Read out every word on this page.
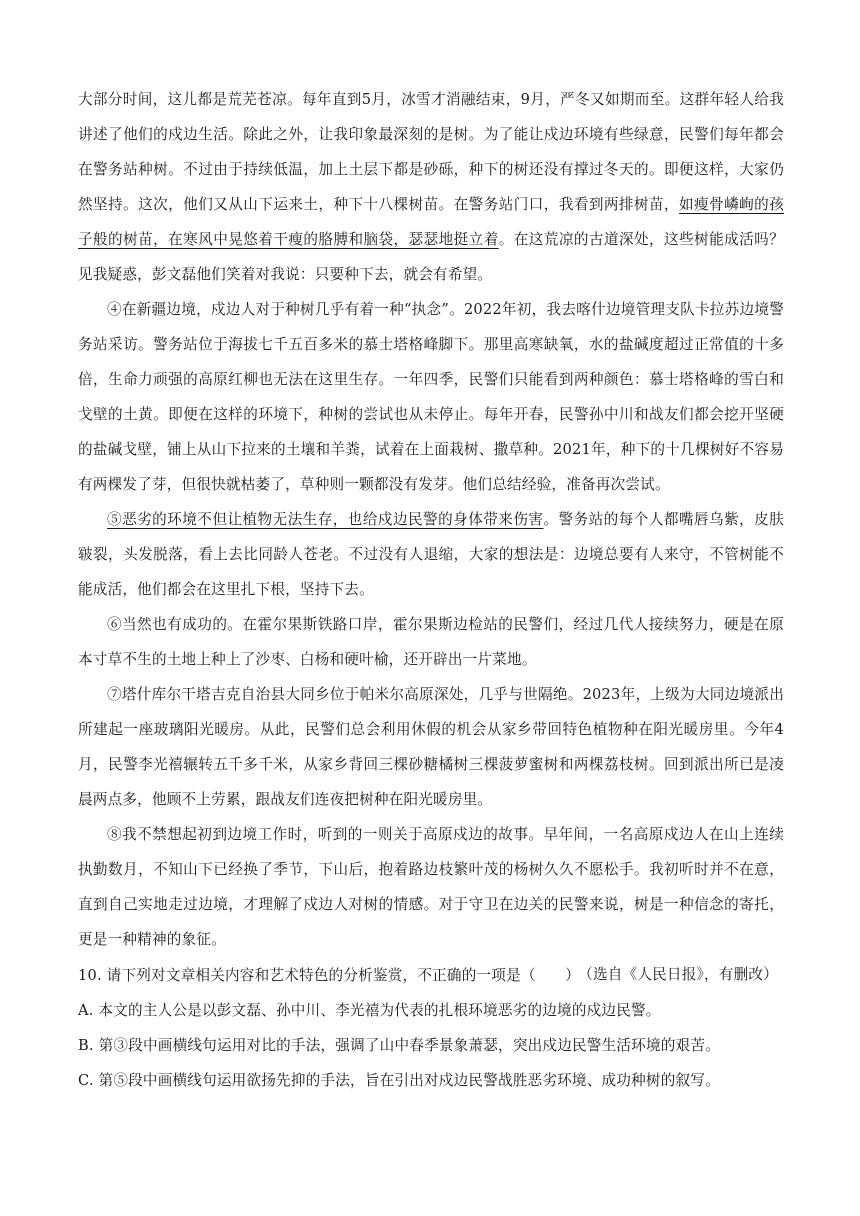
大部分时间，这儿都是荒芜苍凉。每年直到5月，冰雪才消融结束，9月，严冬又如期而至。这群年轻人给我讲述了他们的戍边生活。除此之外，让我印象最深刻的是树。为了能让戍边环境有些绿意，民警们每年都会在警务站种树。不过由于持续低温，加上土层下都是砂砾，种下的树还没有撑过冬天的。即便这样，大家仍然坚持。这次，他们又从山下运来土，种下十八棵树苗。在警务站门口，我看到两排树苗，如瘦骨嶙峋的孩子般的树苗，在寒风中晃悠着干瘦的胳膊和脑袋，瑟瑟地挺立着。在这荒凉的古道深处，这些树能成活吗？见我疑惑，彭文磊他们笑着对我说：只要种下去，就会有希望。

④在新疆边境，戍边人对于种树几乎有着一种“执念”。2022年初，我去喀什边境管理支队卡拉苏边境警务站采访。警务站位于海拔七千五百多米的慕士塔格峰脚下。那里高寒缺氧，水的盐碱度超过正常值的十多倍，生命力顽强的高原红柳也无法在这里生存。一年四季，民警们只能看到两种颜色：慕士塔格峰的雪白和戈壁的土黄。即便在这样的环境下，种树的尝试也从未停止。每年开春，民警孙中川和战友们都会挖开坚硬的盐碱戈壁，铺上从山下拉来的土壤和羊粪，试着在上面栽树、撒草种。2021年，种下的十几棵树好不容易有两棵发了芽，但很快就枯萎了，草种则一颗都没有发芽。他们总结经验，准备再次尝试。

⑤恶劣的环境不但让植物无法生存，也给戍边民警的身体带来伤害。警务站的每个人都嘴唇乌紫，皮肤皲裂，头发脱落，看上去比同龄人苍老。不过没有人退缩，大家的想法是：边境总要有人来守，不管树能不能成活，他们都会在这里扎下根，坚持下去。

⑥当然也有成功的。在霍尔果斯铁路口岸，霍尔果斯边检站的民警们，经过几代人接续努力，硬是在原本寸草不生的土地上种上了沙枣、白杨和硬叶榆，还开辟出一片菜地。

⑦塔什库尔干塔吉克自治县大同乡位于帕米尔高原深处，几乎与世隔绝。2023年，上级为大同边境派出所建起一座玻璃阳光暖房。从此，民警们总会利用休假的机会从家乡带回特色植物种在阳光暖房里。今年4月，民警李光禧辗转五千多千米，从家乡背回三棵砂糖橘树三棵菠萝蜜树和两棵荔枝树。回到派出所已是凌晨两点多，他顾不上劳累，跟战友们连夜把树种在阳光暖房里。

⑧我不禁想起初到边境工作时，听到的一则关于高原戍边的故事。早年间，一名高原戍边人在山上连续执勤数月，不知山下已经换了季节，下山后，抱着路边枝繁叶茂的杨树久久不愿松手。我初听时并不在意，直到自己实地走过边境，才理解了戍边人对树的情感。对于守卫在边关的民警来说，树是一种信念的寄托，更是一种精神的象征。

（选自《人民日报》，有删改）

10. 请下列对文章相关内容和艺术特色的分析鉴赏，不正确的一项是（　　）

A. 本文的主人公是以彭文磊、孙中川、李光禧为代表的扎根环境恶劣的边境的戍边民警。

B. 第③段中画横线句运用对比的手法，强调了山中春季景象萧瑟，突出戍边民警生活环境的艰苦。

C. 第⑤段中画横线句运用欲扬先抑的手法，旨在引出对戍边民警战胜恶劣环境、成功种树的叙写。
